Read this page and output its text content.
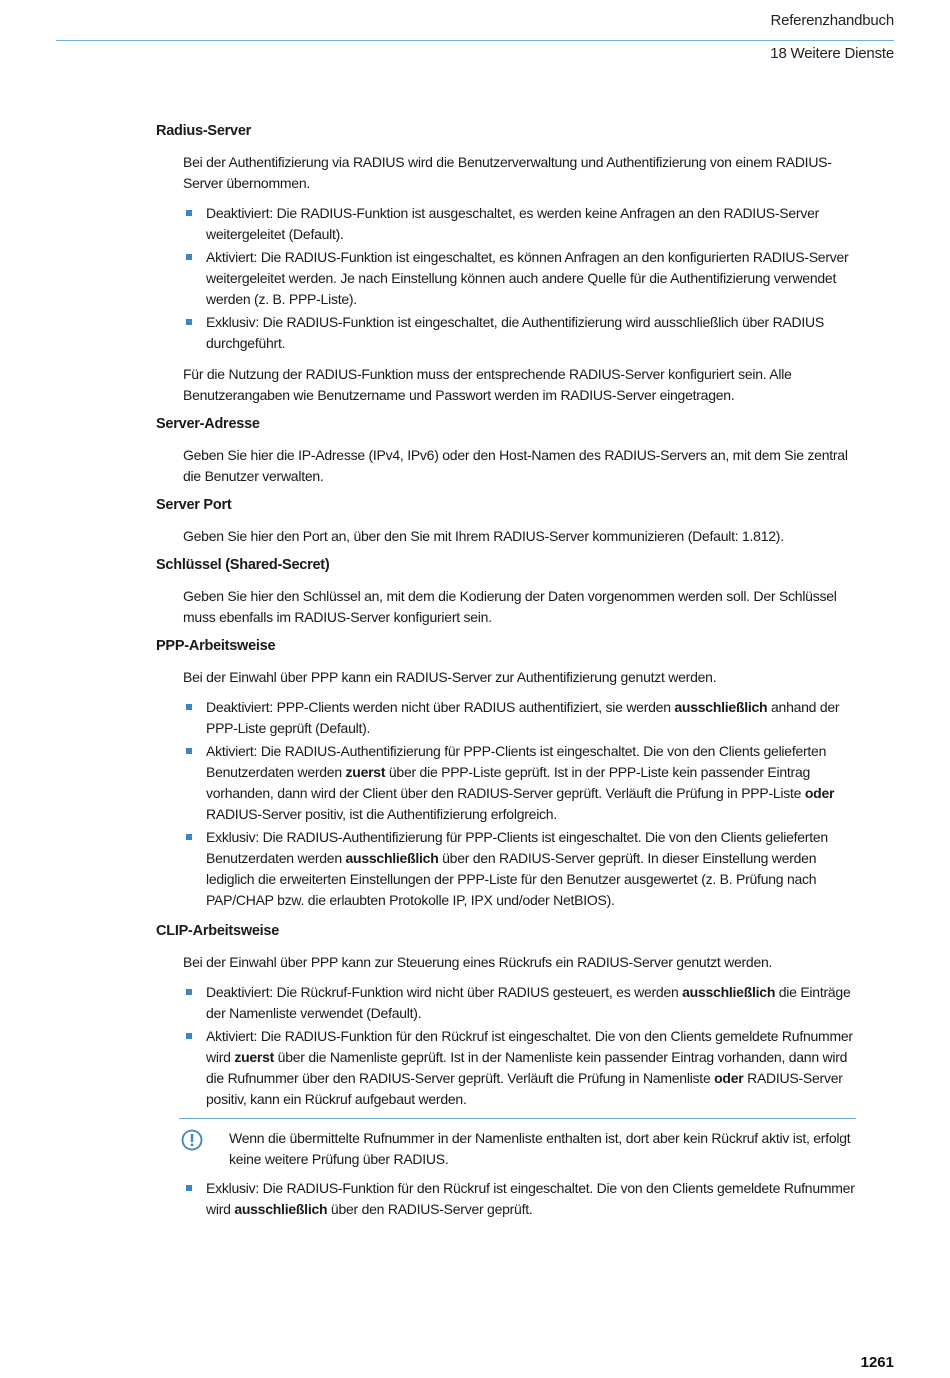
Referenzhandbuch
18 Weitere Dienste

Radius-Server

Bei der Authentifizierung via RADIUS wird die Benutzerverwaltung und Authentifizierung von einem RADIUS-Server übernommen.

Deaktiviert: Die RADIUS-Funktion ist ausgeschaltet, es werden keine Anfragen an den RADIUS-Server weitergeleitet (Default).
Aktiviert: Die RADIUS-Funktion ist eingeschaltet, es können Anfragen an den konfigurierten RADIUS-Server weitergeleitet werden. Je nach Einstellung können auch andere Quelle für die Authentifizierung verwendet werden (z. B. PPP-Liste).
Exklusiv: Die RADIUS-Funktion ist eingeschaltet, die Authentifizierung wird ausschließlich über RADIUS durchgeführt.

Für die Nutzung der RADIUS-Funktion muss der entsprechende RADIUS-Server konfiguriert sein. Alle Benutzerangaben wie Benutzername und Passwort werden im RADIUS-Server eingetragen.

Server-Adresse

Geben Sie hier die IP-Adresse (IPv4, IPv6) oder den Host-Namen des RADIUS-Servers an, mit dem Sie zentral die Benutzer verwalten.

Server Port

Geben Sie hier den Port an, über den Sie mit Ihrem RADIUS-Server kommunizieren (Default: 1.812).

Schlüssel (Shared-Secret)

Geben Sie hier den Schlüssel an, mit dem die Kodierung der Daten vorgenommen werden soll. Der Schlüssel muss ebenfalls im RADIUS-Server konfiguriert sein.

PPP-Arbeitsweise

Bei der Einwahl über PPP kann ein RADIUS-Server zur Authentifizierung genutzt werden.

Deaktiviert: PPP-Clients werden nicht über RADIUS authentifiziert, sie werden ausschließlich anhand der PPP-Liste geprüft (Default).
Aktiviert: Die RADIUS-Authentifizierung für PPP-Clients ist eingeschaltet. Die von den Clients gelieferten Benutzerdaten werden zuerst über die PPP-Liste geprüft. Ist in der PPP-Liste kein passender Eintrag vorhanden, dann wird der Client über den RADIUS-Server geprüft. Verläuft die Prüfung in PPP-Liste oder RADIUS-Server positiv, ist die Authentifizierung erfolgreich.
Exklusiv: Die RADIUS-Authentifizierung für PPP-Clients ist eingeschaltet. Die von den Clients gelieferten Benutzerdaten werden ausschließlich über den RADIUS-Server geprüft. In dieser Einstellung werden lediglich die erweiterten Einstellungen der PPP-Liste für den Benutzer ausgewertet (z. B. Prüfung nach PAP/CHAP bzw. die erlaubten Protokolle IP, IPX und/oder NetBIOS).

CLIP-Arbeitsweise

Bei der Einwahl über PPP kann zur Steuerung eines Rückrufs ein RADIUS-Server genutzt werden.

Deaktiviert: Die Rückruf-Funktion wird nicht über RADIUS gesteuert, es werden ausschließlich die Einträge der Namenliste verwendet (Default).
Aktiviert: Die RADIUS-Funktion für den Rückruf ist eingeschaltet. Die von den Clients gemeldete Rufnummer wird zuerst über die Namenliste geprüft. Ist in der Namenliste kein passender Eintrag vorhanden, dann wird die Rufnummer über den RADIUS-Server geprüft. Verläuft die Prüfung in Namenliste oder RADIUS-Server positiv, kann ein Rückruf aufgebaut werden.
Wenn die übermittelte Rufnummer in der Namenliste enthalten ist, dort aber kein Rückruf aktiv ist, erfolgt keine weitere Prüfung über RADIUS.
Exklusiv: Die RADIUS-Funktion für den Rückruf ist eingeschaltet. Die von den Clients gemeldete Rufnummer wird ausschließlich über den RADIUS-Server geprüft.
1261
